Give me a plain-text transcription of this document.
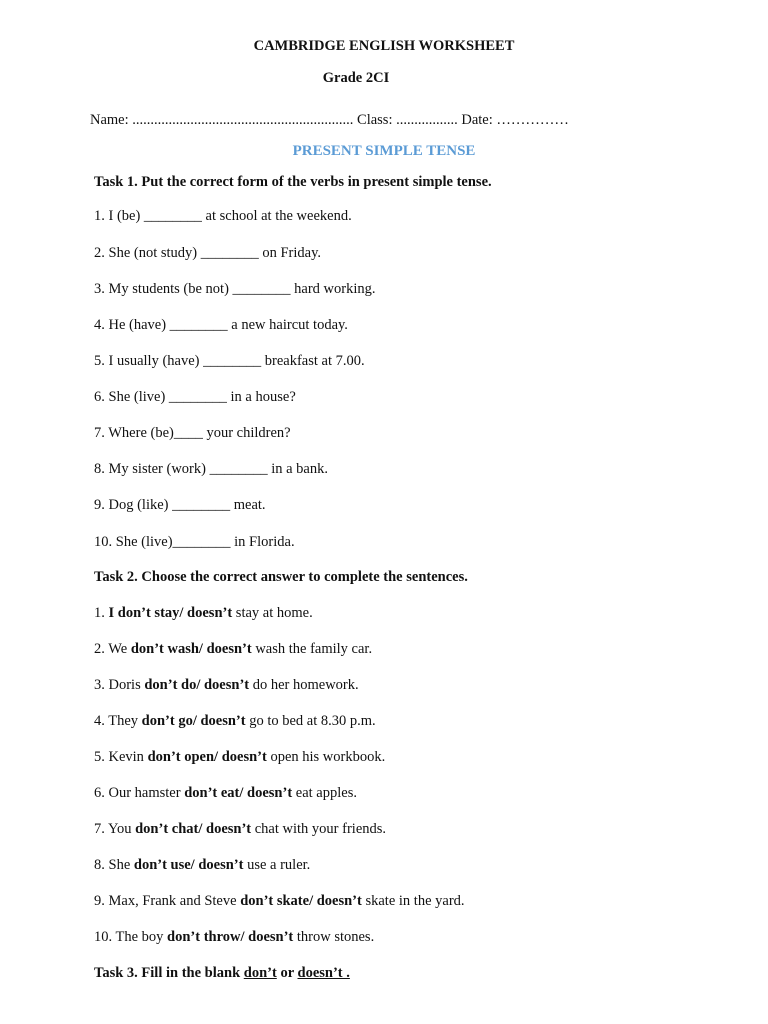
CAMBRIDGE ENGLISH WORKSHEET
Grade 2CI
Name: ............................................................. Class: ................. Date: ……………
PRESENT SIMPLE TENSE
Task 1. Put the correct form of the verbs in present simple tense.
1. I (be) ________ at school at the weekend.
2. She (not study) ________ on Friday.
3. My students (be not) ________ hard working.
4. He (have) ________ a new haircut today.
5. I usually (have) ________ breakfast at 7.00.
6. She (live) ________ in a house?
7. Where (be)____ your children?
8. My sister (work) ________ in a bank.
9. Dog (like) ________ meat.
10. She (live)________ in Florida.
Task 2. Choose the correct answer to complete the sentences.
1. I don’t stay/ doesn’t stay at home.
2. We don’t wash/ doesn’t wash the family car.
3. Doris don’t do/ doesn’t do her homework.
4. They don’t go/ doesn’t go to bed at 8.30 p.m.
5. Kevin don’t open/ doesn’t open his workbook.
6. Our hamster don’t eat/ doesn’t eat apples.
7. You don’t chat/ doesn’t chat with your friends.
8. She don’t use/ doesn’t use a ruler.
9. Max, Frank and Steve don’t skate/ doesn’t skate in the yard.
10. The boy don’t throw/ doesn’t throw stones.
Task 3. Fill in the blank don’t or doesn’t .
